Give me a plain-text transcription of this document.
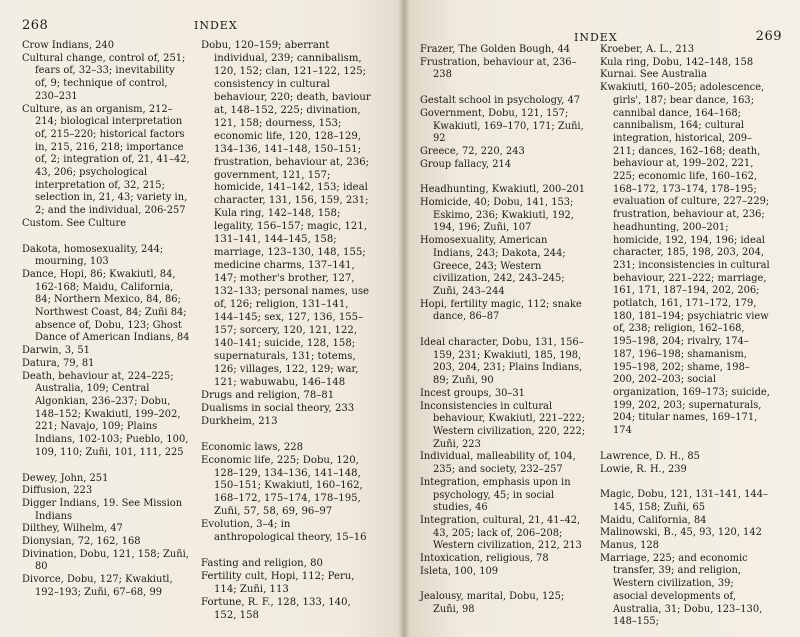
268	INDEX

Crow Indians, 240

Cultural change, control of, 251; fears of, 32–33; inevitability of, 9; technique of control, 230–231

Culture, as an organism, 212–214; biological interpretation of, 215–220; historical factors in, 215, 216, 218; importance of, 2; integration of, 21, 41–42, 43, 206; psychological interpretation of, 32, 215; selection in, 21, 43; variety in, 2; and the individual, 206-257

Custom. See Culture

Dakota, homosexuality, 244; mourning, 103

Dance, Hopi, 86; Kwakiutl, 84, 162-168; Maidu, California, 84; Northern Mexico, 84, 86; Northwest Coast, 84; Zuñi 84; absence of, Dobu, 123; Ghost Dance of American Indians, 84

Darwin, 3, 51

Datura, 79, 81

Death, behaviour at, 224–225; Australia, 109; Central Algonkian, 236–237; Dobu, 148–152; Kwakiutl, 199–202, 221; Navajo, 109; Plains Indians, 102-103; Pueblo, 100, 109, 110; Zuñi, 101, 111, 225

Dewey, John, 251

Diffusion, 223

Digger Indians, 19. See Mission Indians

Dilthey, Wilhelm, 47

Dionysian, 72, 162, 168

Divination, Dobu, 121, 158; Zuñi, 80

Divorce, Dobu, 127; Kwakiutl, 192–193; Zuñi, 67–68, 99

Dobu, 120–159; aberrant individual, 239; cannibalism, 120, 152; clan, 121–122, 125; consistency in cultural behaviour, 220; death, baviour at, 148–152, 225; divination, 121, 158; dourness, 153; economic life, 120, 128–129, 134–136, 141–148, 150–151; frustration, behaviour at, 236; government, 121, 157; homicide, 141–142, 153; ideal character, 131, 156, 159, 231; Kula ring, 142–148, 158; legality, 156–157; magic, 121, 131–141, 144–145, 158; marriage, 123–130, 148, 155; medicine charms, 137–141, 147; mother's brother, 127, 132–133; personal names, use of, 126; religion, 131–141, 144–145; sex, 127, 136, 155–157; sorcery, 120, 121, 122, 140–141; suicide, 128, 158; supernaturals, 131; totems, 126; villages, 122, 129; war, 121; wabuwabu, 146–148

Drugs and religion, 78–81

Dualisms in social theory, 233

Durkheim, 213

Economic laws, 228

Economic life, 225; Dobu, 120, 128–129, 134–136, 141–148, 150–151; Kwakiutl, 160–162, 168–172, 175–174, 178–195, Zuñi, 57, 58, 69, 96–97

Evolution, 3–4; in anthropological theory, 15–16

Fasting and religion, 80

Fertility cult, Hopi, 112; Peru, 114; Zuñi, 113

Fortune, R. F., 128, 133, 140, 152, 158

INDEX	269

Frazer, The Golden Bough, 44

Frustration, behaviour at, 236–238

Gestalt school in psychology, 47

Government, Dobu, 121, 157; Kwakiutl, 169–170, 171; Zuñi, 92

Greece, 72, 220, 243

Group fallacy, 214

Headhunting, Kwakiutl, 200–201

Homicide, 40; Dobu, 141, 153; Eskimo, 236; Kwakiutl, 192, 194, 196; Zuñi, 107

Homosexuality, American Indians, 243; Dakota, 244; Greece, 243; Western civilization, 242, 243–245; Zuñi, 243–244

Hopi, fertility magic, 112; snake dance, 86–87

Ideal character, Dobu, 131, 156–159, 231; Kwakiutl, 185, 198, 203, 204, 231; Plains Indians, 89; Zuñi, 90

Incest groups, 30–31

Inconsistencies in cultural behaviour, Kwakiutl, 221–222; Western civilization, 220, 222; Zuñi, 223

Individual, malleability of, 104, 235; and society, 232–257

Integration, emphasis upon in psychology, 45; in social studies, 46

Integration, cultural, 21, 41–42, 43, 205; lack of, 206–208; Western civilization, 212, 213

Intoxication, religious, 78

Isleta, 100, 109

Jealousy, marital, Dobu, 125; Zuñi, 98

Kroeber, A. L., 213

Kula ring, Dobu, 142–148, 158

Kurnai. See Australia

Kwakiutl, 160–205; adolescence, girls', 187; bear dance, 163; cannibal dance, 164–168; cannibalism, 164; cultural integration, historical, 209–211; dances, 162–168; death, behaviour at, 199–202, 221, 225; economic life, 160–162, 168–172, 173–174, 178–195; evaluation of culture, 227–229; frustration, behaviour at, 236; headhunting, 200–201; homicide, 192, 194, 196; ideal character, 185, 198, 203, 204, 231; inconsistencies in cultural behaviour, 221–222; marriage, 161, 171, 187–194, 202, 206; potlatch, 161, 171–172, 179, 180, 181–194; psychiatric view of, 238; religion, 162–168, 195–198, 204; rivalry, 174–187, 196–198; shamanism, 195–198, 202; shame, 198–200, 202–203; social organization, 169–173; suicide, 199, 202, 203; supernaturals, 204; titular names, 169–171, 174

Lawrence, D. H., 85

Lowie, R. H., 239

Magic, Dobu, 121, 131–141, 144–145, 158; Zuñi, 65

Maidu, California, 84

Malinowski, B., 45, 93, 120, 142

Manus, 128

Marriage, 225; and economic transfer, 39; and religion, Western civilization, 39; asocial developments of, Australia, 31; Dobu, 123–130, 148–155;
